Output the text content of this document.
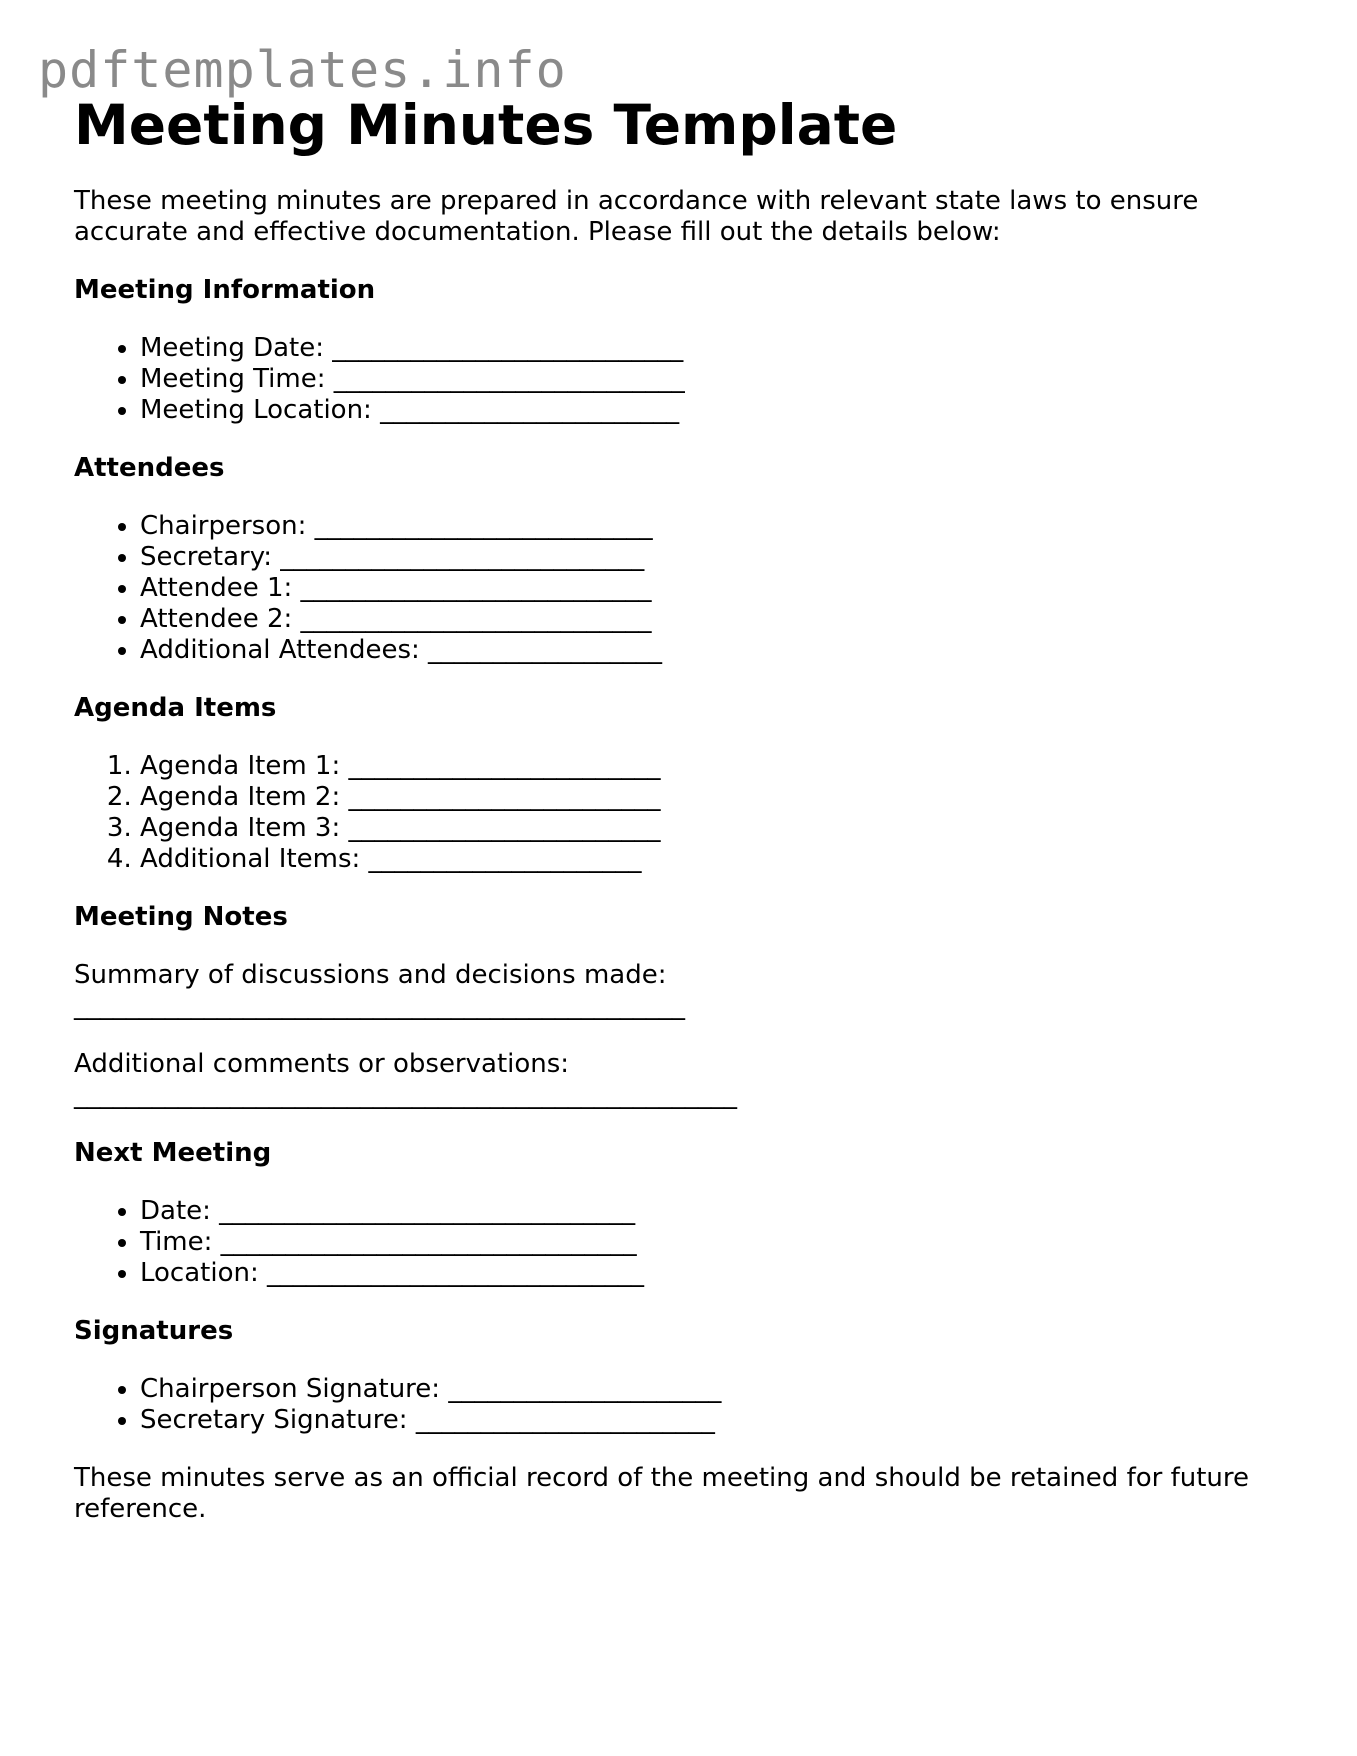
pdftemplates.info
Meeting Minutes Template

These meeting minutes are prepared in accordance with relevant state laws to ensure accurate and effective documentation. Please fill out the details below:

Meeting Information
• Meeting Date: ___________________________
• Meeting Time: ___________________________
• Meeting Location: _______________________
Attendees
• Chairperson: __________________________
• Secretary: ____________________________
• Attendee 1: ___________________________
• Attendee 2: ___________________________
• Additional Attendees: __________________
Agenda Items
1. Agenda Item 1: ________________________
2. Agenda Item 2: ________________________
3. Agenda Item 3: ________________________
4. Additional Items: _____________________
Meeting Notes

Summary of discussions and decisions made:

_______________________________________________

Additional comments or observations:

___________________________________________________

Next Meeting
• Date: ________________________________
• Time: ________________________________
• Location: _____________________________
Signatures
• Chairperson Signature: _____________________
• Secretary Signature: _______________________

These minutes serve as an official record of the meeting and should be retained for future reference.
